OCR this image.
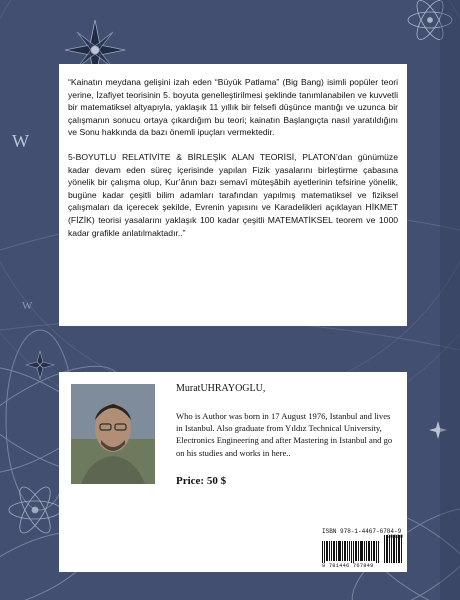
W
W

“Kainatın meydana gelişini izah eden “Büyük Patlama” (Big Bang) isimli popüler teori yerine, İzafiyet teorisinin 5. boyuta genelleştirilmesi şeklinde tanımlanabilen ve kuvvetli bir matematiksel altyapıyla, yaklaşık 11 yıllık bir felsefi düşünce mantığı ve uzunca bir çalışmanın sonucu ortaya çıkardığım bu teori; kainatın Başlangıçta nasıl yaratıldığını ve Sonu hakkında da bazı önemli ipuçları vermektedir.

5-BOYUTLU RELATİVİTE & BİRLEŞİK ALAN TEORİSİ, PLATON’dan günümüze kadar devam eden süreç içerisinde yapılan Fizik yasalarını birleştirme çabasına yönelik bir çalışma olup, Kur’ânın bazı semavî müteşâbih ayetlerinin tefsirine yönelik, bugüne kadar çeşitli bilim adamları tarafından yapılmış matematiksel ve fiziksel çalışmaları da içerecek şekilde, Evrenin yapısını ve Karadelikleri açıklayan HİKMET (FİZİK) teorisi yasalarını yaklaşık 100 kadar çeşitli MATEMATİKSEL teorem ve 1000 kadar grafikle anlatılmaktadır..”

MuratUHRAYOGLU,

Who is Author was born in 17 August 1976, Istanbul and lives in Istanbul. Also graduate from Yıldız Technical University, Electronics Engineering and after Mastering in Istanbul and go on his studies and works in here..

Price: 50 $
ISBN 978-1-4467-6784-9
9 781446 767849
